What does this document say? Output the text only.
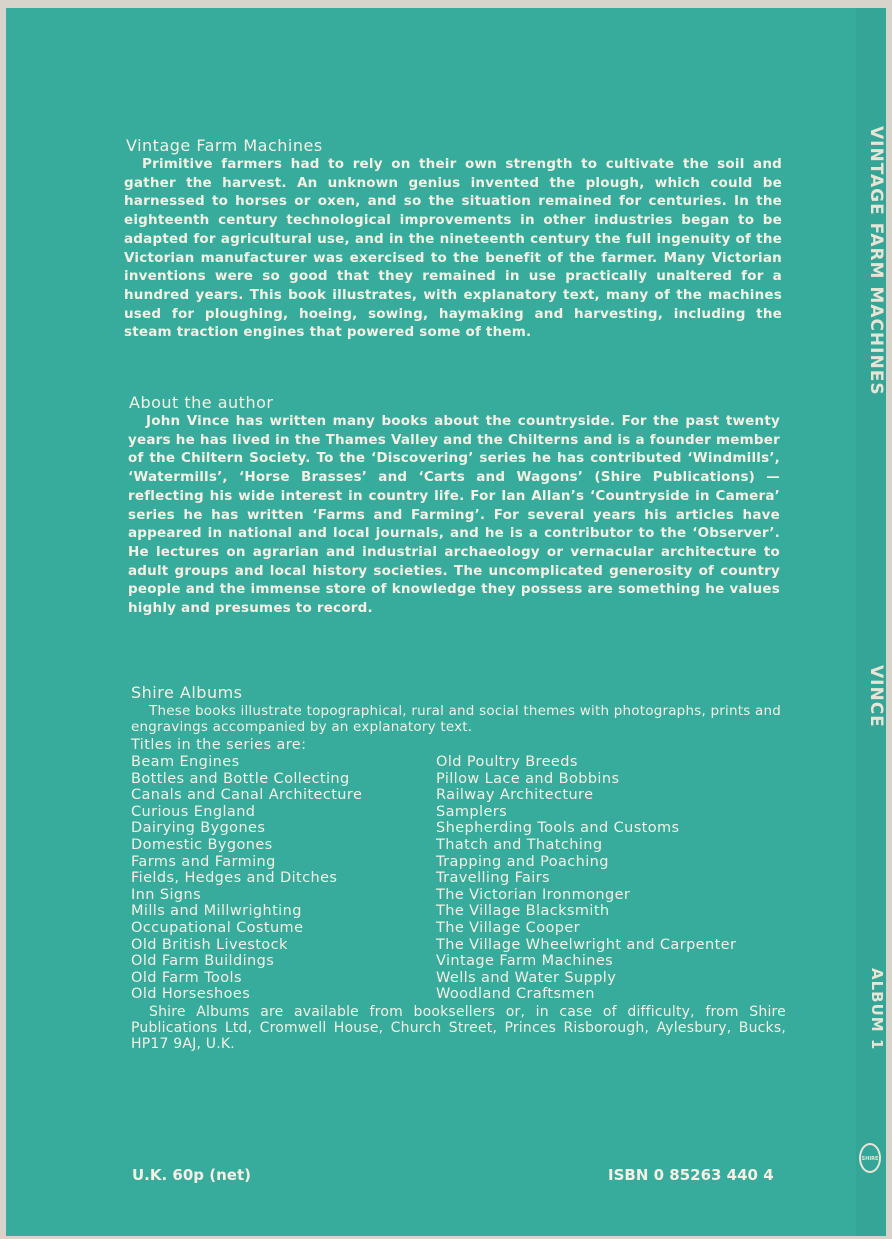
VINTAGE FARM MACHINES
VINCE
ALBUM 1
SHIRE
Vintage Farm Machines

Primitive farmers had to rely on their own strength to cultivate the soil and gather the harvest. An unknown genius invented the plough, which could be harnessed to horses or oxen, and so the situation remained for centuries. In the eighteenth century technological improvements in other industries began to be adapted for agricultural use, and in the nineteenth century the full ingenuity of the Victorian manufacturer was exercised to the benefit of the farmer. Many Victorian inventions were so good that they remained in use practically unaltered for a hundred years. This book illustrates, with explanatory text, many of the machines used for ploughing, hoeing, sowing, haymaking and harvesting, including the steam traction engines that powered some of them.

About the author

John Vince has written many books about the countryside. For the past twenty years he has lived in the Thames Valley and the Chilterns and is a founder member of the Chiltern Society. To the ‘Discovering’ series he has contributed ‘Windmills’, ‘Watermills’, ‘Horse Brasses’ and ‘Carts and Wagons’ (Shire Publications) — reflecting his wide interest in country life. For Ian Allan’s ‘Countryside in Camera’ series he has written ‘Farms and Farming’. For several years his articles have appeared in national and local journals, and he is a contributor to the ‘Observer’. He lectures on agrarian and industrial archaeology or vernacular architecture to adult groups and local history societies. The uncomplicated generosity of country people and the immense store of knowledge they possess are something he values highly and presumes to record.

Shire Albums

These books illustrate topographical, rural and social themes with photographs, prints and engravings accompanied by an explanatory text.

Titles in the series are:
Beam Engines
Bottles and Bottle Collecting
Canals and Canal Architecture
Curious England
Dairying Bygones
Domestic Bygones
Farms and Farming
Fields, Hedges and Ditches
Inn Signs
Mills and Millwrighting
Occupational Costume
Old British Livestock
Old Farm Buildings
Old Farm Tools
Old Horseshoes
Old Poultry Breeds
Pillow Lace and Bobbins
Railway Architecture
Samplers
Shepherding Tools and Customs
Thatch and Thatching
Trapping and Poaching
Travelling Fairs
The Victorian Ironmonger
The Village Blacksmith
The Village Cooper
The Village Wheelwright and Carpenter
Vintage Farm Machines
Wells and Water Supply
Woodland Craftsmen

Shire Albums are available from booksellers or, in case of difficulty, from Shire Publications Ltd, Cromwell House, Church Street, Princes Risborough, Aylesbury, Bucks, HP17 9AJ, U.K.

U.K. 60p (net)	ISBN 0 85263 440 4
